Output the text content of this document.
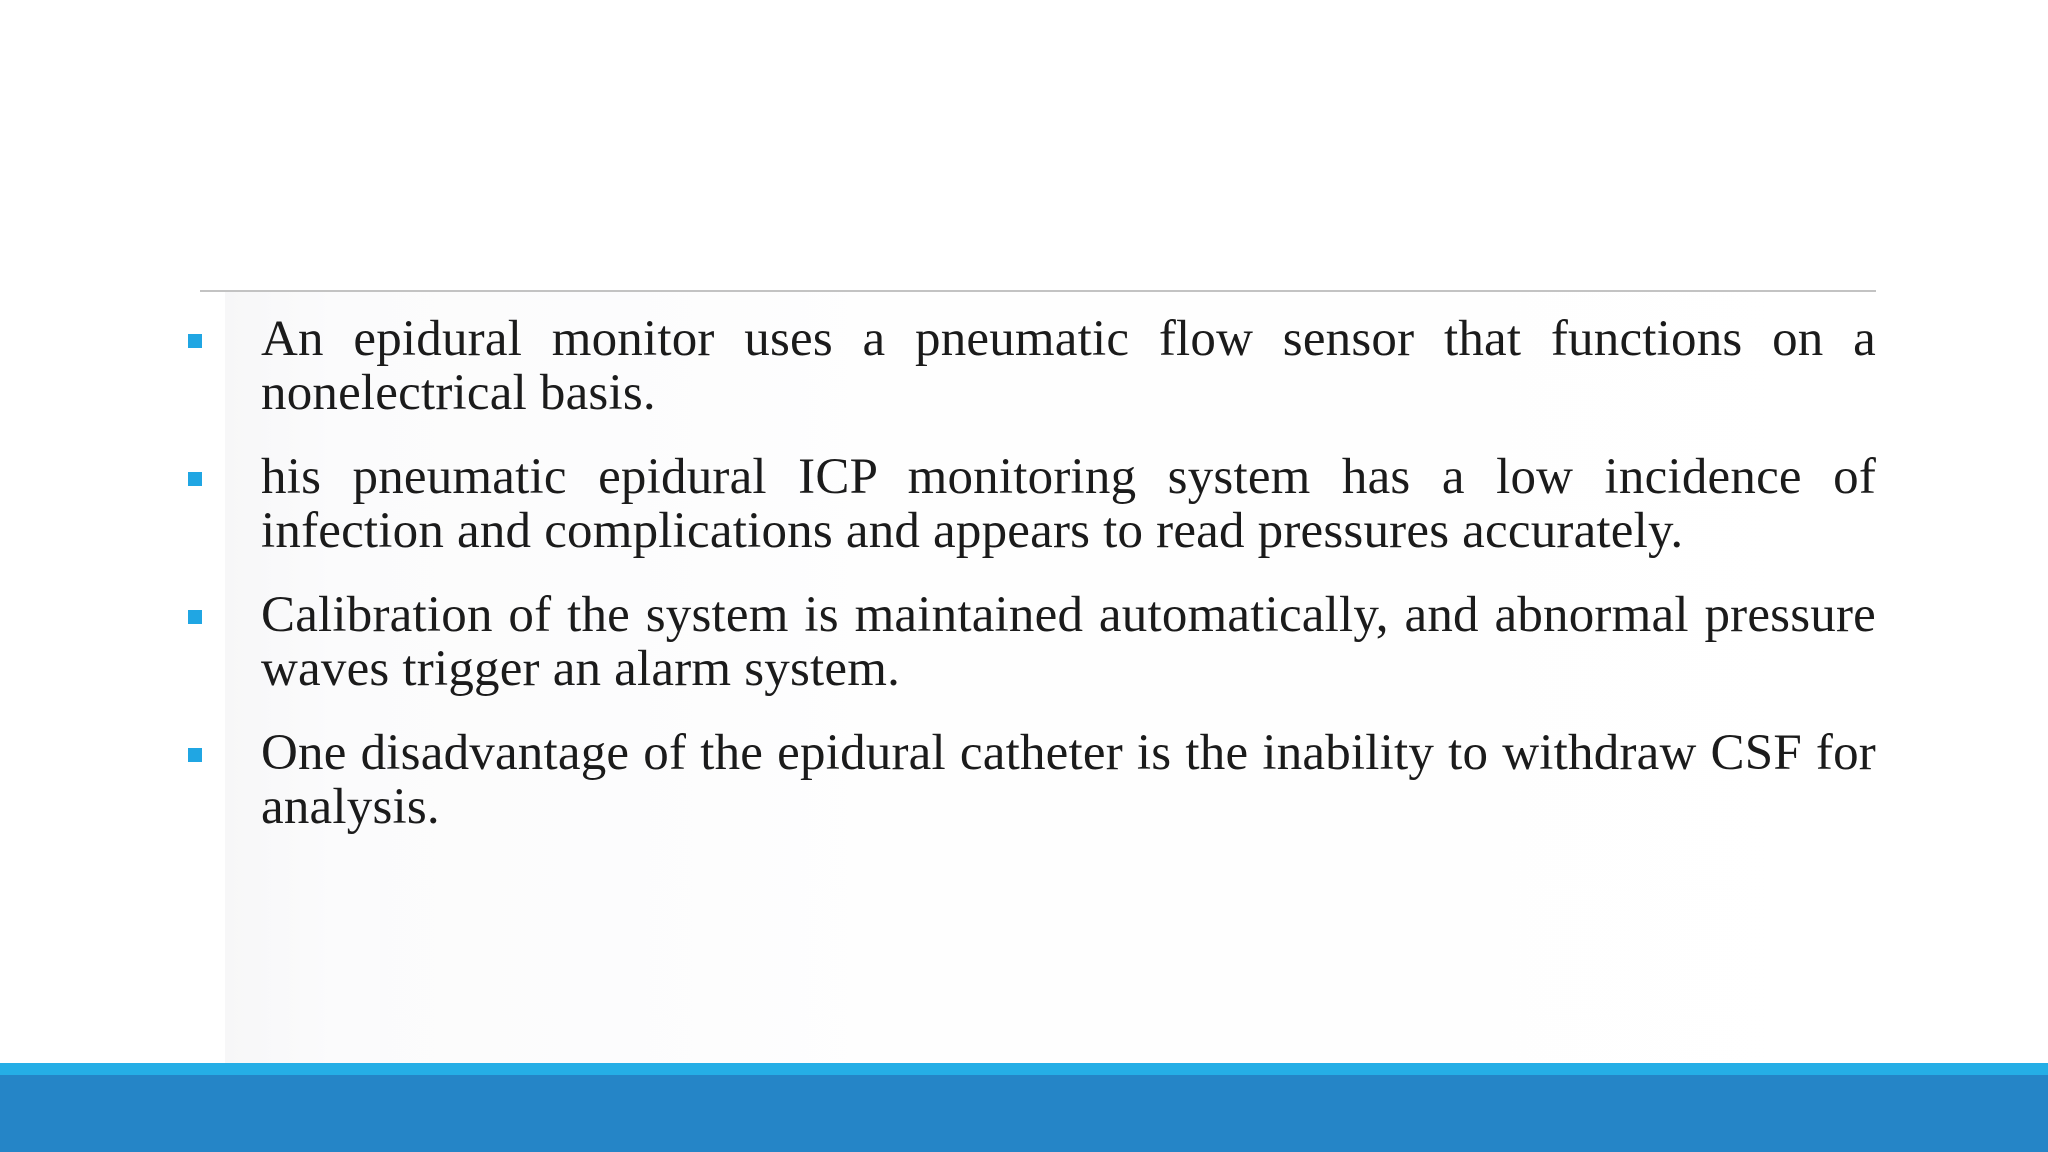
An epidural monitor uses a pneumatic flow sensor that functions on a nonelectrical basis.
his pneumatic epidural ICP monitoring system has a low incidence of infection and complications and appears to read pressures accurately.
Calibration of the system is maintained automatically, and abnormal pressure waves trigger an alarm system.
One disadvantage of the epidural catheter is the inability to withdraw CSF for analysis.
